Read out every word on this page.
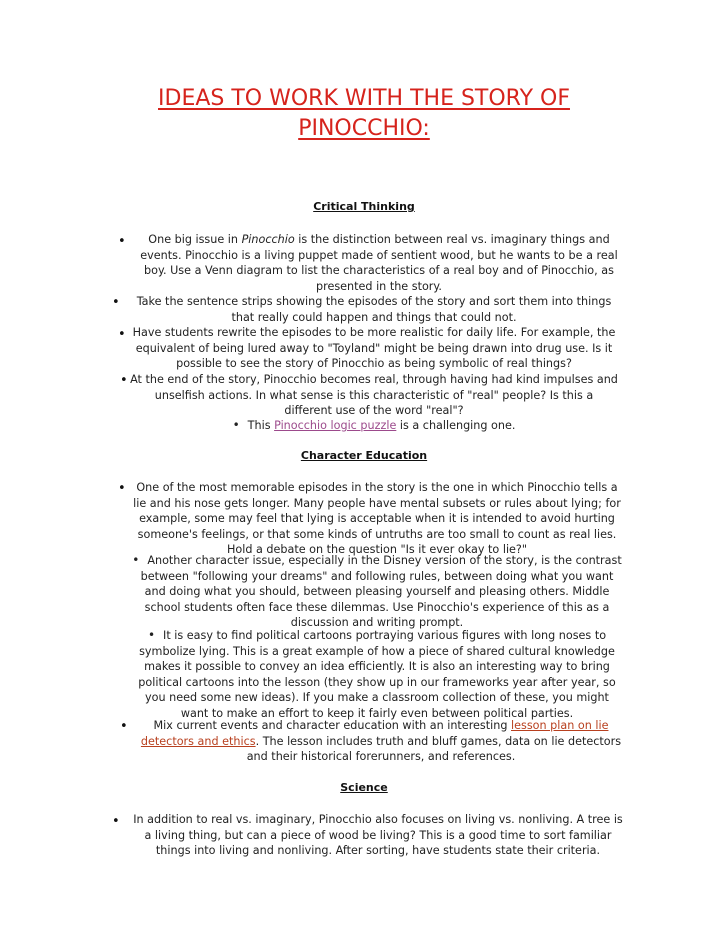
IDEAS TO WORK WITH THE STORY OF
PINOCCHIO:
Critical Thinking
•	One big issue in Pinocchio is the distinction between real vs. imaginary things and events. Pinocchio is a living puppet made of sentient wood, but he wants to be a real boy. Use a Venn diagram to list the characteristics of a real boy and of Pinocchio, as presented in the story.
•	Take the sentence strips showing the episodes of the story and sort them into things that really could happen and things that could not.
• Have students rewrite the episodes to be more realistic for daily life. For example, the equivalent of being lured away to "Toyland" might be being drawn into drug use. Is it possible to see the story of Pinocchio as being symbolic of real things?
• At the end of the story, Pinocchio becomes real, through having had kind impulses and unselfish actions. In what sense is this characteristic of "real" people? Is this a different use of the word "real"?
• This Pinocchio logic puzzle is a challenging one.
Character Education
• One of the most memorable episodes in the story is the one in which Pinocchio tells a lie and his nose gets longer. Many people have mental subsets or rules about lying; for example, some may feel that lying is acceptable when it is intended to avoid hurting someone's feelings, or that some kinds of untruths are too small to count as real lies. Hold a debate on the question "Is it ever okay to lie?"
• Another character issue, especially in the Disney version of the story, is the contrast between "following your dreams" and following rules, between doing what you want and doing what you should, between pleasing yourself and pleasing others. Middle school students often face these dilemmas. Use Pinocchio's experience of this as a discussion and writing prompt.
• It is easy to find political cartoons portraying various figures with long noses to symbolize lying. This is a great example of how a piece of shared cultural knowledge makes it possible to convey an idea efficiently. It is also an interesting way to bring political cartoons into the lesson (they show up in our frameworks year after year, so you need some new ideas). If you make a classroom collection of these, you might want to make an effort to keep it fairly even between political parties.
•	Mix current events and character education with an interesting lesson plan on lie detectors and ethics. The lesson includes truth and bluff games, data on lie detectors and their historical forerunners, and references.
Science
• In addition to real vs. imaginary, Pinocchio also focuses on living vs. nonliving. A tree is a living thing, but can a piece of wood be living? This is a good time to sort familiar things into living and nonliving. After sorting, have students state their criteria.
